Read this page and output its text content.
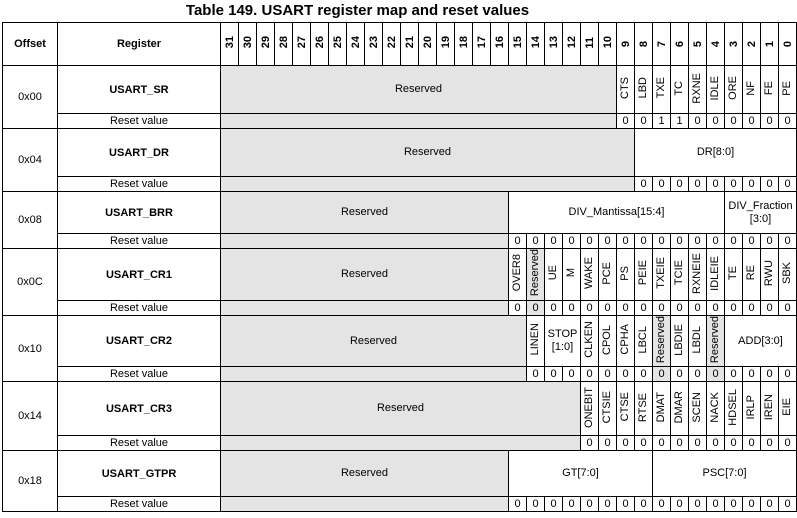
Table 149. USART register map and reset values
Offset	Register	31	30	29	28	27	26	25	24	23	22	21	20	19	18	17	16	15	14	13	12	11	10	9	8	7	6	5	4	3	2	1	0
0x00	USART_SR	Reserved																						CTS	LBD	TXE	TC	RXNE	IDLE	ORE	NF	FE	PE
	Reset value																							0	0	1	1	0	0	0	0	0	0
0x04	USART_DR	Reserved																							DR[8:0]								
	Reset value																								0	0	0	0	0	0	0	0	0
0x08	USART_BRR	Reserved																DIV_Mantissa[15:4]												DIV_Fraction [3:0]			
	Reset value																	0	0	0	0	0	0	0	0	0	0	0	0	0	0	0	0
0x0C	USART_CR1	Reserved																OVER8	Reserved	UE	M	WAKE	PCE	PS	PEIE	TXEIE	TCIE	RXNEIE	IDLEIE	TE	RE	RWU	SBK
	Reset value																	0	0	0	0	0	0	0	0	0	0	0	0	0	0	0	0
0x10	USART_CR2	Reserved																	LINEN	STOP [1:0]		CLKEN	CPOL	CPHA	LBCL	Reserved	LBDIE	LBDL	Reserved	ADD[3:0]			
	Reset value																		0	0	0	0	0	0	0	0	0	0	0	0	0	0	0
0x14	USART_CR3	Reserved																				ONEBIT	CTSIE	CTSE	RTSE	DMAT	DMAR	SCEN	NACK	HDSEL	IRLP	IREN	EIE
	Reset value																					0	0	0	0	0	0	0	0	0	0	0	0
0x18	USART_GTPR	Reserved																GT[7:0]								PSC[7:0]							
	Reset value																	0	0	0	0	0	0	0	0	0	0	0	0	0	0	0	0
